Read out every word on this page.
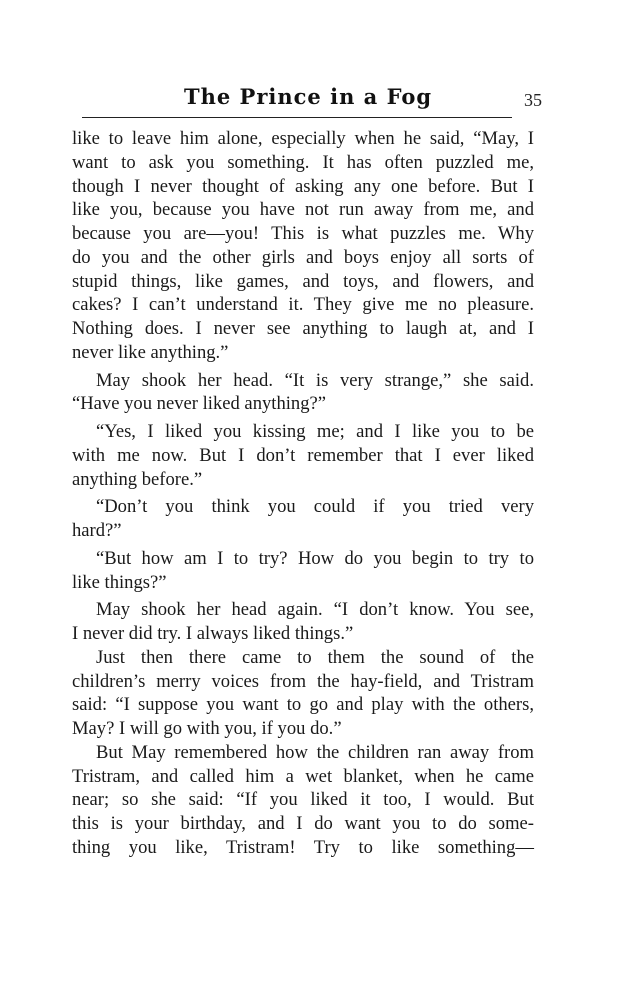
The Prince in a Fog	35
like to leave him alone, especially when he said, “May, I
want to ask you something. It has often puzzled me,
though I never thought of asking any one before. But I
like you, because you have not run away from me, and
because you are—you! This is what puzzles me. Why
do you and the other girls and boys enjoy all sorts of
stupid things, like games, and toys, and flowers, and
cakes? I can’t understand it. They give me no pleasure.
Nothing does. I never see anything to laugh at, and I
never like anything.”
May shook her head. “It is very strange,” she said.
“Have you never liked anything?”
“Yes, I liked you kissing me; and I like you to be
with me now. But I don’t remember that I ever liked
anything before.”
“Don’t you think you could if you tried very
hard?”
“But how am I to try? How do you begin to try to
like things?”
May shook her head again. “I don’t know. You see,
I never did try. I always liked things.”
Just then there came to them the sound of the
children’s merry voices from the hay-field, and Tristram
said: “I suppose you want to go and play with the others,
May? I will go with you, if you do.”
But May remembered how the children ran away from
Tristram, and called him a wet blanket, when he came
near; so she said: “If you liked it too, I would. But
this is your birthday, and I do want you to do some-
thing you like, Tristram! Try to like something—
